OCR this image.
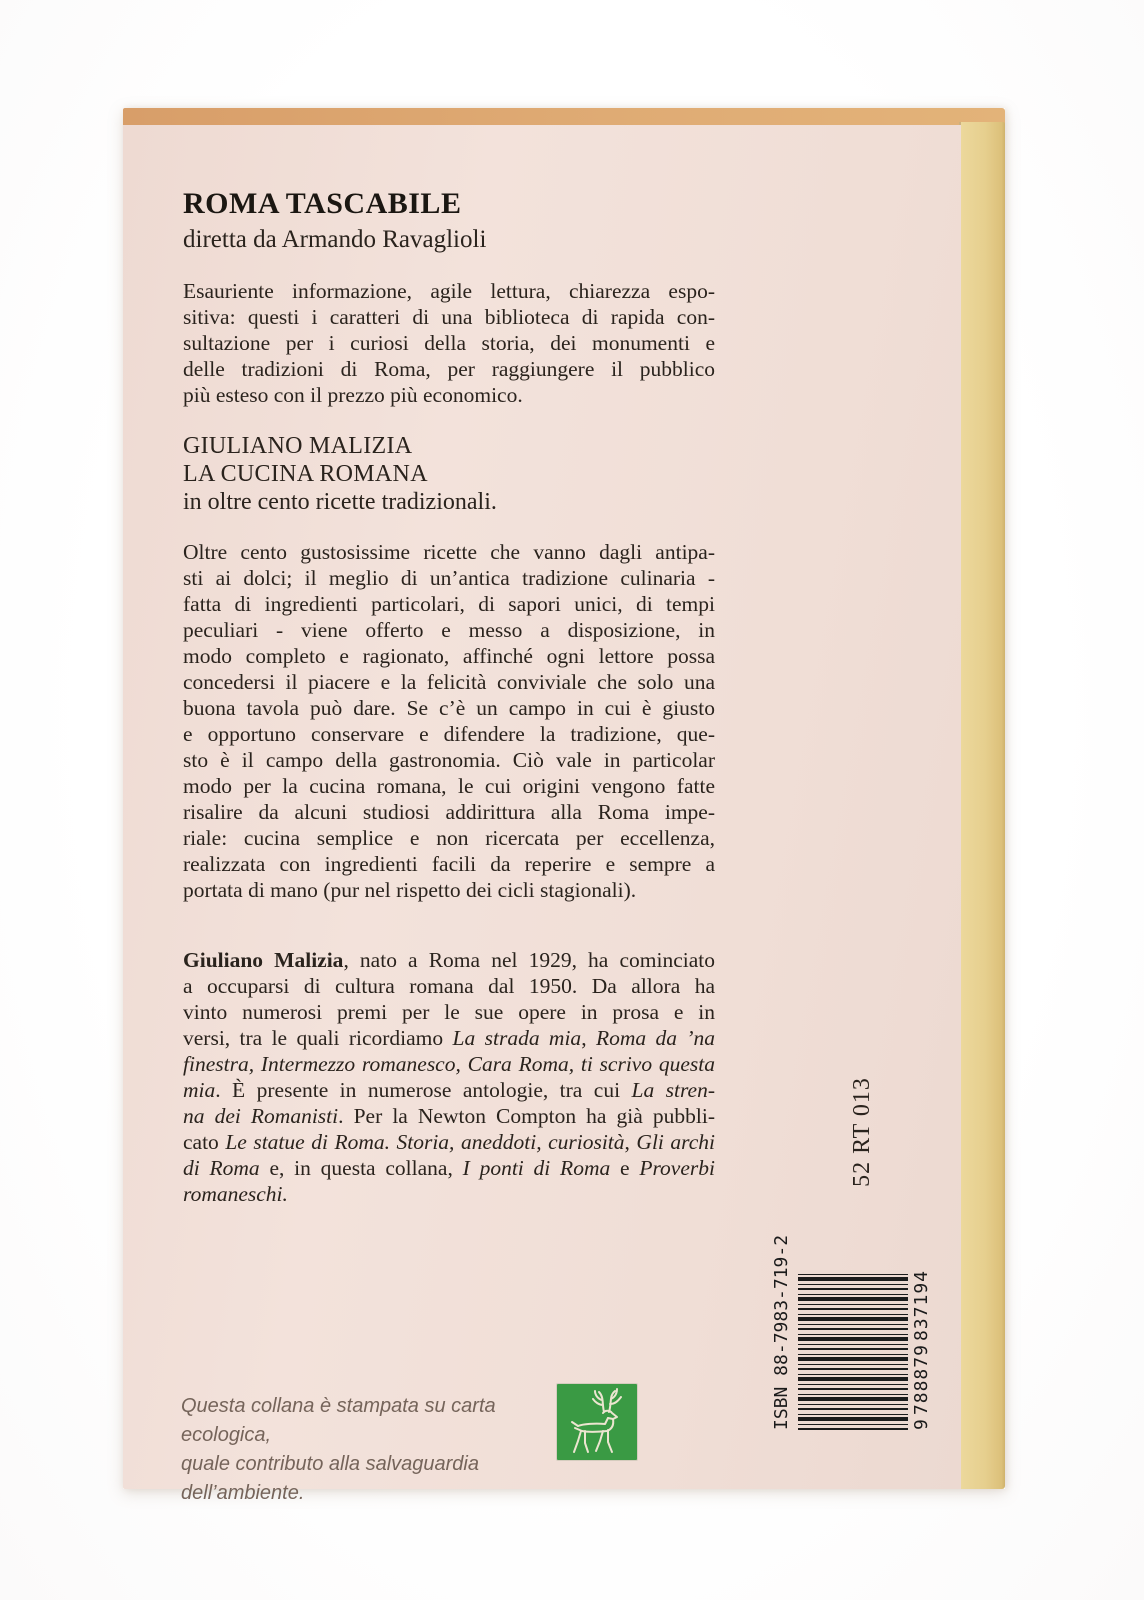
ROMA TASCABILE
diretta da Armando Ravaglioli
Esauriente informazione, agile lettura, chiarezza espo-
sitiva: questi i caratteri di una biblioteca di rapida con-
sultazione per i curiosi della storia, dei monumenti e
delle tradizioni di Roma, per raggiungere il pubblico
più esteso con il prezzo più economico.
GIULIANO MALIZIA
LA CUCINA ROMANA
in oltre cento ricette tradizionali.
Oltre cento gustosissime ricette che vanno dagli antipa-
sti ai dolci; il meglio di un’antica tradizione culinaria -
fatta di ingredienti particolari, di sapori unici, di tempi
peculiari - viene offerto e messo a disposizione, in
modo completo e ragionato, affinché ogni lettore possa
concedersi il piacere e la felicità conviviale che solo una
buona tavola può dare. Se c’è un campo in cui è giusto
e opportuno conservare e difendere la tradizione, que-
sto è il campo della gastronomia. Ciò vale in particolar
modo per la cucina romana, le cui origini vengono fatte
risalire da alcuni studiosi addirittura alla Roma impe-
riale: cucina semplice e non ricercata per eccellenza,
realizzata con ingredienti facili da reperire e sempre a
portata di mano (pur nel rispetto dei cicli stagionali).
Giuliano Malizia, nato a Roma nel 1929, ha cominciato
a occuparsi di cultura romana dal 1950. Da allora ha
vinto numerosi premi per le sue opere in prosa e in
versi, tra le quali ricordiamo La strada mia, Roma da ’na
finestra, Intermezzo romanesco, Cara Roma, ti scrivo questa
mia. È presente in numerose antologie, tra cui La stren-
na dei Romanisti. Per la Newton Compton ha già pubbli-
cato Le statue di Roma. Storia, aneddoti, curiosità, Gli archi
di Roma e, in questa collana, I ponti di Roma e Proverbi
romaneschi.
52 RT 013
ISBN 88-7983-719-2	9
788879
837194
Questa collana è stampata su carta ecologica,
quale contributo alla salvaguardia dell’ambiente.
